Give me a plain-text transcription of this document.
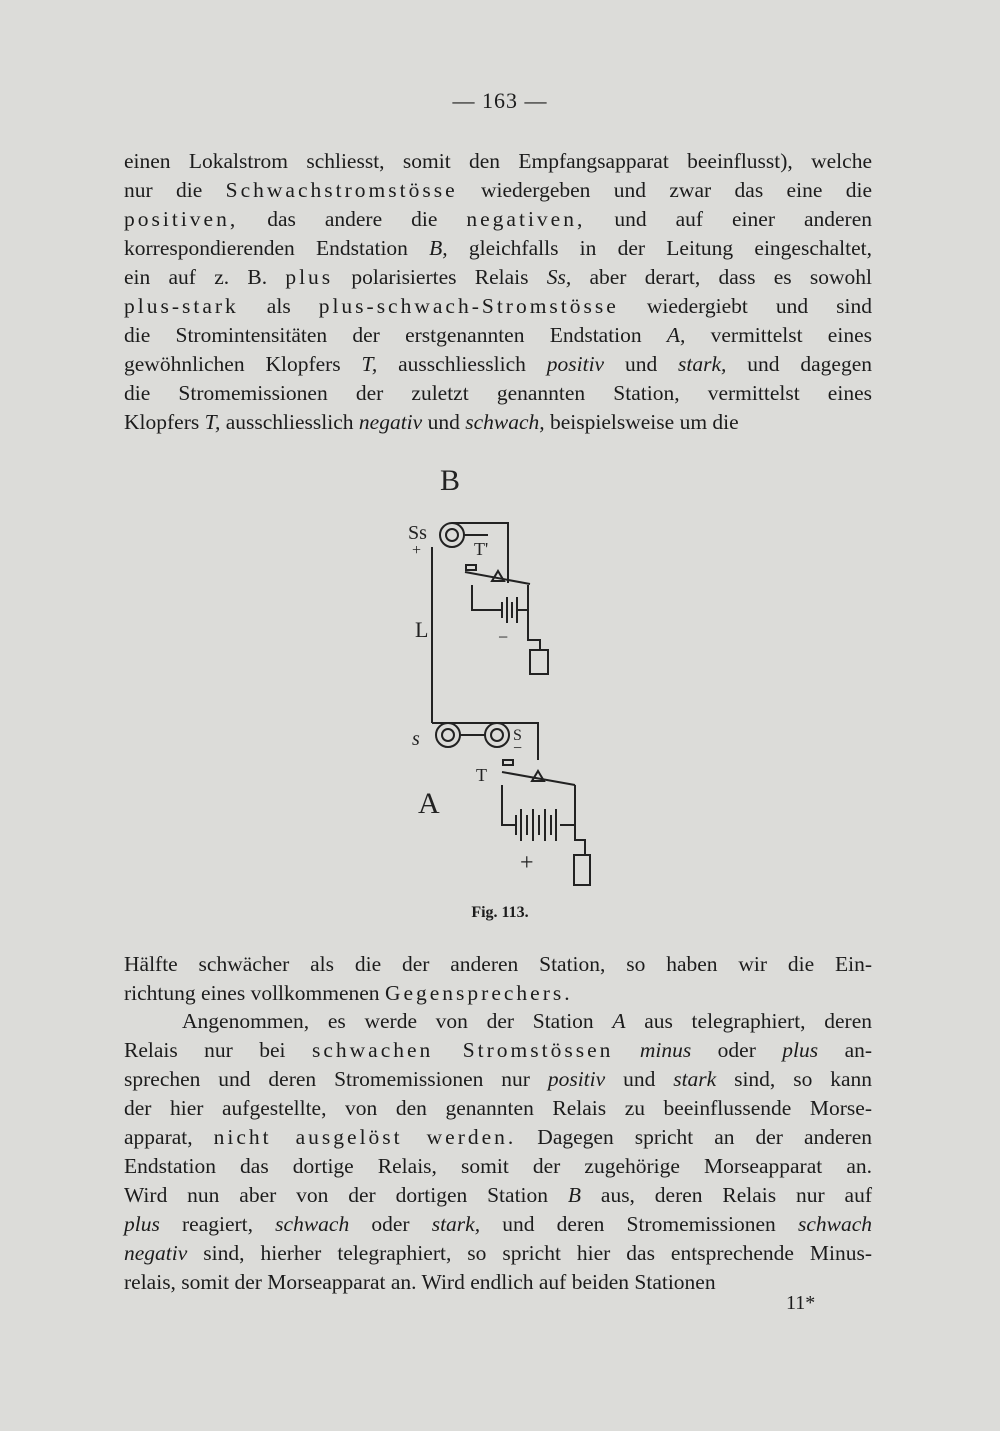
— 163 —
einen Lokalstrom schliesst, somit den Empfangsapparat beeinflusst), welche
nur die Schwachstromstösse wiedergeben und zwar das eine die
positiven, das andere die negativen, und auf einer anderen
korrespondierenden Endstation B, gleichfalls in der Leitung eingeschaltet,
ein auf z. B. plus polarisiertes Relais Ss, aber derart, dass es sowohl
plus-stark als plus-schwach-Stromstösse wiedergiebt und sind
die Stromintensitäten der erstgenannten Endstation A, vermittelst eines
gewöhnlichen Klopfers T, ausschliesslich positiv und stark, und dagegen
die Stromemissionen der zuletzt genannten Station, vermittelst eines
Klopfers T, ausschliesslich negativ und schwach, beispielsweise um die
B
Ss
+	T'
L	−
s	S
−
T
A
+
Fig. 113.
Hälfte schwächer als die der anderen Station, so haben wir die Ein-
richtung eines vollkommenen Gegensprechers.
Angenommen, es werde von der Station A aus telegraphiert, deren
Relais nur bei schwachen Stromstössen minus oder plus an-
sprechen und deren Stromemissionen nur positiv und stark sind, so kann
der hier aufgestellte, von den genannten Relais zu beeinflussende Morse-
apparat, nicht ausgelöst werden. Dagegen spricht an der anderen
Endstation das dortige Relais, somit der zugehörige Morseapparat an.
Wird nun aber von der dortigen Station B aus, deren Relais nur auf
plus reagiert, schwach oder stark, und deren Stromemissionen schwach
negativ sind, hierher telegraphiert, so spricht hier das entsprechende Minus-
relais, somit der Morseapparat an. Wird endlich auf beiden Stationen
11*
